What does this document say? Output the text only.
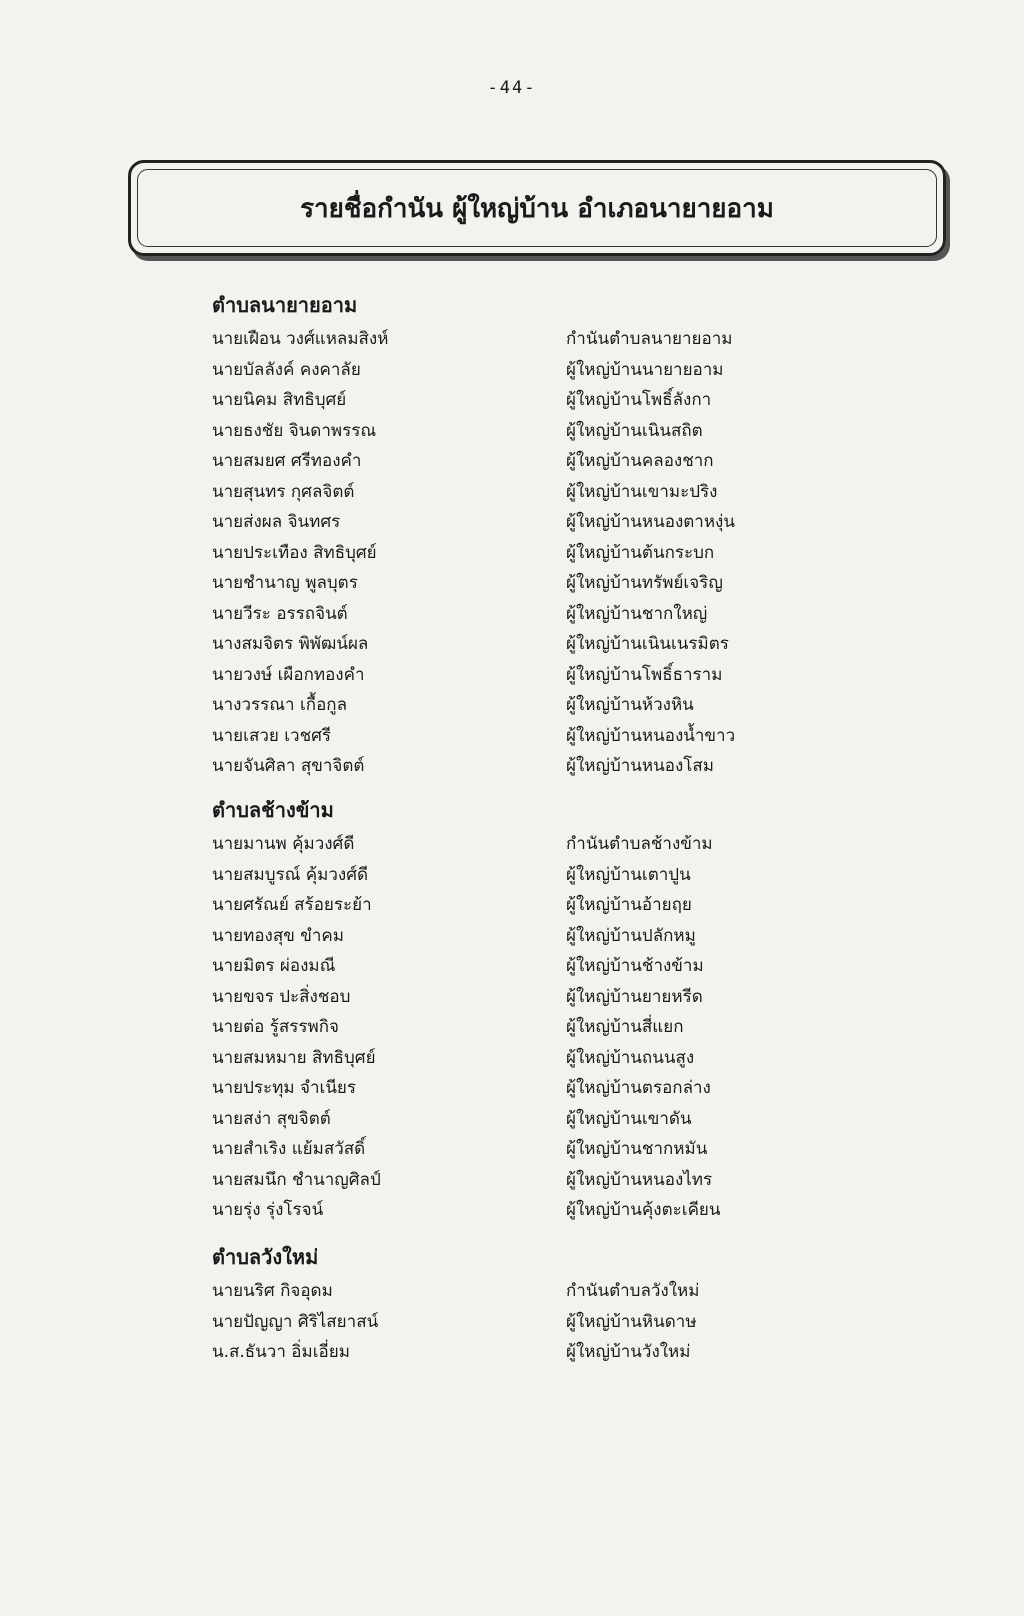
-44-
รายชื่อกำนัน ผู้ใหญ่บ้าน อำเภอนายายอาม
ตำบลนายายอาม
นายเฝือน วงศ์แหลมสิงห์	กำนันตำบลนายายอาม
นายบัลลังค์ คงคาลัย	ผู้ใหญ่บ้านนายายอาม
นายนิคม สิทธิบุศย์	ผู้ใหญ่บ้านโพธิ์ลังกา
นายธงชัย จินดาพรรณ	ผู้ใหญ่บ้านเนินสถิต
นายสมยศ ศรีทองคำ	ผู้ใหญ่บ้านคลองชาก
นายสุนทร กุศลจิตต์	ผู้ใหญ่บ้านเขามะปริง
นายส่งผล จินทศร	ผู้ใหญ่บ้านหนองตาหงุ่น
นายประเทือง สิทธิบุศย์	ผู้ใหญ่บ้านต้นกระบก
นายชำนาญ พูลบุตร	ผู้ใหญ่บ้านทรัพย์เจริญ
นายวีระ อรรถจินต์	ผู้ใหญ่บ้านชากใหญ่
นางสมจิตร พิพัฒน์ผล	ผู้ใหญ่บ้านเนินเนรมิตร
นายวงษ์ เผือกทองคำ	ผู้ใหญ่บ้านโพธิ์ธาราม
นางวรรณา เกื้อกูล	ผู้ใหญ่บ้านห้วงหิน
นายเสวย เวชศรี	ผู้ใหญ่บ้านหนองน้ำขาว
นายจันศิลา สุขาจิตต์	ผู้ใหญ่บ้านหนองโสม
ตำบลช้างข้าม
นายมานพ คุ้มวงศ์ดี	กำนันตำบลช้างข้าม
นายสมบูรณ์ คุ้มวงศ์ดี	ผู้ใหญ่บ้านเตาปูน
นายศรัณย์ สร้อยระย้า	ผู้ใหญ่บ้านอ้ายฤย
นายทองสุข ขำคม	ผู้ใหญ่บ้านปลักหมู
นายมิตร ผ่องมณี	ผู้ใหญ่บ้านช้างข้าม
นายขจร ปะสิ่งชอบ	ผู้ใหญ่บ้านยายหรีด
นายต่อ รู้สรรพกิจ	ผู้ใหญ่บ้านสี่แยก
นายสมหมาย สิทธิบุศย์	ผู้ใหญ่บ้านถนนสูง
นายประทุม จำเนียร	ผู้ใหญ่บ้านตรอกล่าง
นายสง่า สุขจิตต์	ผู้ใหญ่บ้านเขาดัน
นายสำเริง แย้มสวัสดิ์	ผู้ใหญ่บ้านชากหมัน
นายสมนึก ชำนาญศิลป์	ผู้ใหญ่บ้านหนองไทร
นายรุ่ง รุ่งโรจน์	ผู้ใหญ่บ้านคุ้งตะเคียน
ตำบลวังใหม่
นายนริศ กิจอุดม	กำนันตำบลวังใหม่
นายปัญญา ศิริไสยาสน์	ผู้ใหญ่บ้านหินดาษ
น.ส.ธันวา อิ่มเอี่ยม	ผู้ใหญ่บ้านวังใหม่
